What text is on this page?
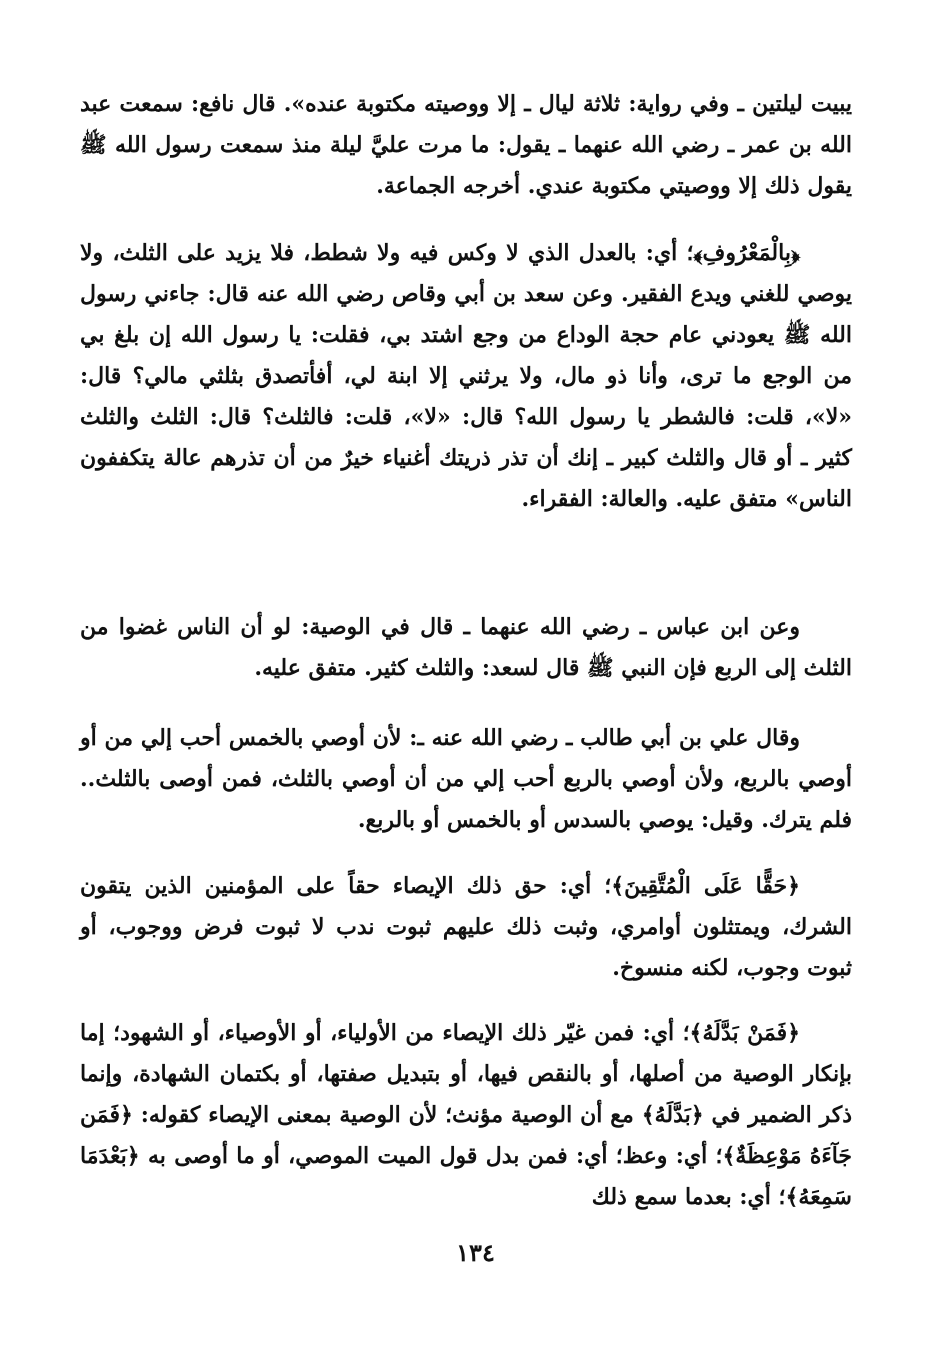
يبيت ليلتين ـ وفي رواية: ثلاثة ليال ـ إلا ووصيته مكتوبة عنده». قال نافع: سمعت عبد الله بن عمر ـ رضي الله عنهما ـ يقول: ما مرت عليَّ ليلة منذ سمعت رسول الله ﷺ يقول ذلك إلا ووصيتي مكتوبة عندي. أخرجه الجماعة.

﴿بِالْمَعْرُوفِ﴾؛ أي: بالعدل الذي لا وكس فيه ولا شطط، فلا يزيد على الثلث، ولا يوصي للغني ويدع الفقير. وعن سعد بن أبي وقاص رضي الله عنه قال: جاءني رسول الله ﷺ يعودني عام حجة الوداع من وجع اشتد بي، فقلت: يا رسول الله إن بلغ بي من الوجع ما ترى، وأنا ذو مال، ولا يرثني إلا ابنة لي، أفأتصدق بثلثي مالي؟ قال: «لا»، قلت: فالشطر يا رسول الله؟ قال: «لا»، قلت: فالثلث؟ قال: الثلث والثلث كثير ـ أو قال والثلث كبير ـ إنك أن تذر ذريتك أغنياء خيرٌ من أن تذرهم عالة يتكففون الناس» متفق عليه. والعالة: الفقراء.

وعن ابن عباس ـ رضي الله عنهما ـ قال في الوصية: لو أن الناس غضوا من الثلث إلى الربع فإن النبي ﷺ قال لسعد: والثلث كثير. متفق عليه.

وقال علي بن أبي طالب ـ رضي الله عنه ـ: لأن أوصي بالخمس أحب إلي من أو أوصي بالربع، ولأن أوصي بالربع أحب إلي من أن أوصي بالثلث، فمن أوصى بالثلث.. فلم يترك. وقيل: يوصي بالسدس أو بالخمس أو بالربع.

﴿حَقًّا عَلَى الْمُتَّقِينَ﴾؛ أي: حق ذلك الإيصاء حقاً على المؤمنين الذين يتقون الشرك، ويمتثلون أوامري، وثبت ذلك عليهم ثبوت ندب لا ثبوت فرض ووجوب، أو ثبوت وجوب، لكنه منسوخ.

﴿فَمَنْ بَدَّلَهُ﴾؛ أي: فمن غيّر ذلك الإيصاء من الأولياء، أو الأوصياء، أو الشهود؛ إما بإنكار الوصية من أصلها، أو بالنقص فيها، أو بتبديل صفتها، أو بكتمان الشهادة، وإنما ذكر الضمير في ﴿بَدَّلَهُ﴾ مع أن الوصية مؤنث؛ لأن الوصية بمعنى الإيصاء كقوله: ﴿فَمَن جَآءَهُ مَوْعِظَةٌ﴾؛ أي: وعظ؛ أي: فمن بدل قول الميت الموصي، أو ما أوصى به ﴿بَعْدَمَا سَمِعَهُ﴾؛ أي: بعدما سمع ذلك

١٣٤
